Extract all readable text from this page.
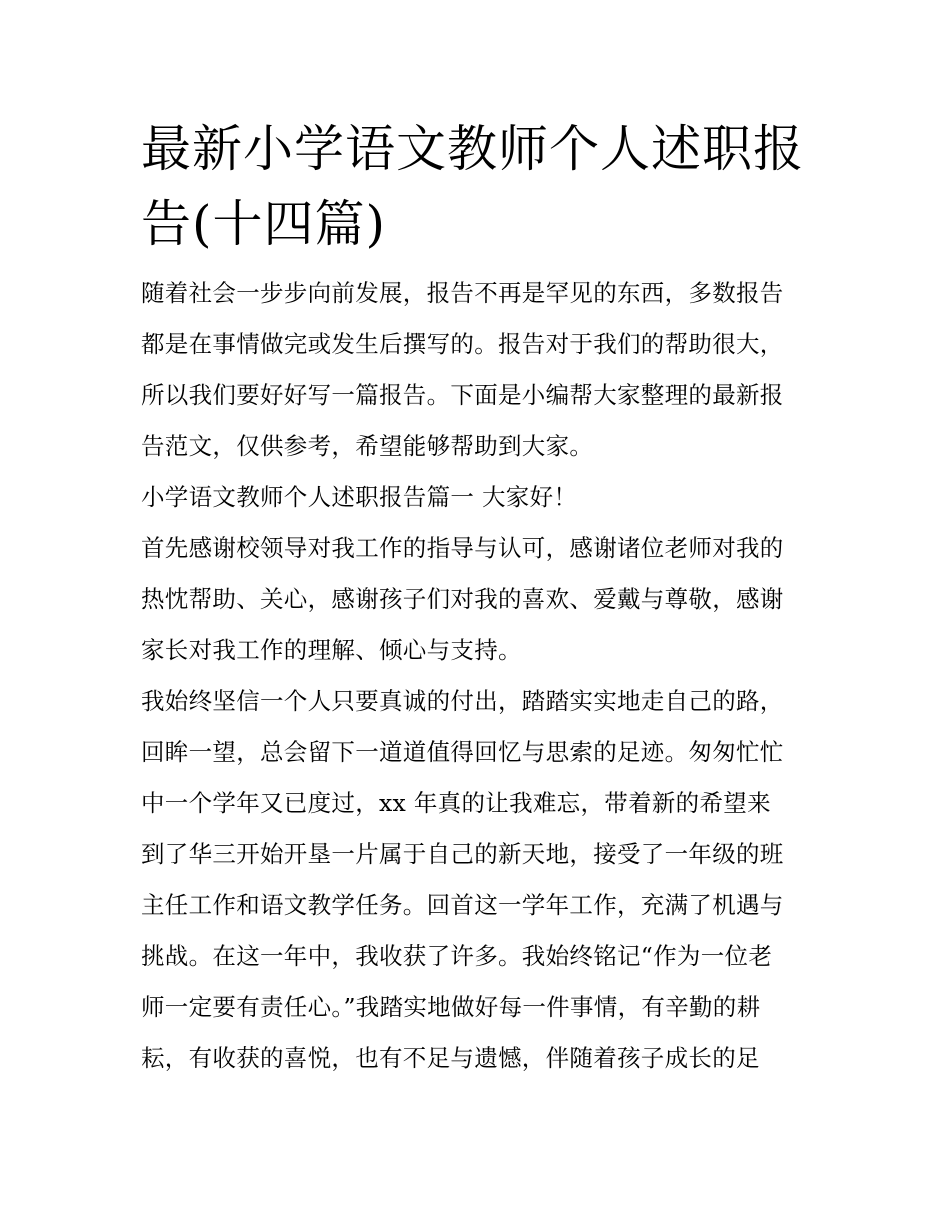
最新小学语文教师个人述职报
告(十四篇)

随着社会一步步向前发展，报告不再是罕见的东西，多数报告
都是在事情做完或发生后撰写的。报告对于我们的帮助很大，
所以我们要好好写一篇报告。下面是小编帮大家整理的最新报
告范文，仅供参考，希望能够帮助到大家。

小学语文教师个人述职报告篇一 大家好！

首先感谢校领导对我工作的指导与认可，感谢诸位老师对我的
热忱帮助、关心，感谢孩子们对我的喜欢、爱戴与尊敬，感谢
家长对我工作的理解、倾心与支持。

我始终坚信一个人只要真诚的付出，踏踏实实地走自己的路，
回眸一望，总会留下一道道值得回忆与思索的足迹。匆匆忙忙
中一个学年又已度过，xx 年真的让我难忘，带着新的希望来
到了华三开始开垦一片属于自己的新天地，接受了一年级的班
主任工作和语文教学任务。回首这一学年工作，充满了机遇与
挑战。在这一年中，我收获了许多。我始终铭记“作为一位老
师一定要有责任心。”我踏实地做好每一件事情，有辛勤的耕
耘，有收获的喜悦，也有不足与遗憾，伴随着孩子成长的足
